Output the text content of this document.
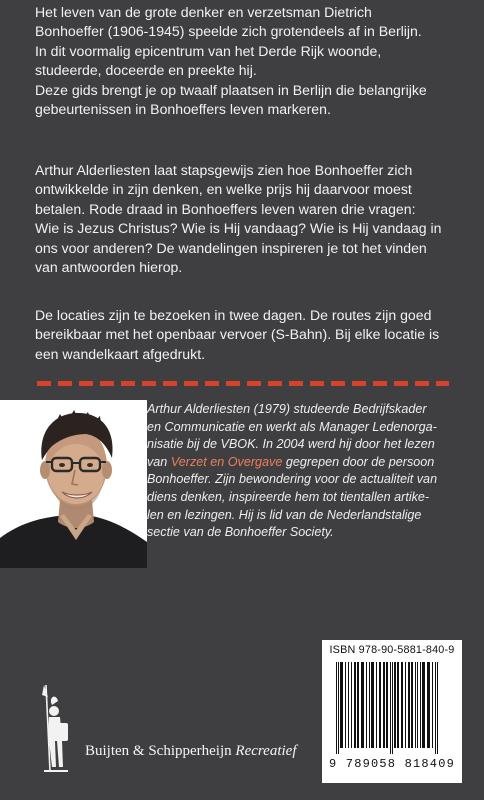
Het leven van de grote denker en verzetsman Dietrich
Bonhoeffer (1906-1945) speelde zich grotendeels af in Berlijn.
In dit voormalig epicentrum van het Derde Rijk woonde,
studeerde, doceerde en preekte hij.
Deze gids brengt je op twaalf plaatsen in Berlijn die belangrijke
gebeurtenissen in Bonhoeffers leven markeren.
Arthur Alderliesten laat stapsgewijs zien hoe Bonhoeffer zich
ontwikkelde in zijn denken, en welke prijs hij daarvoor moest
betalen. Rode draad in Bonhoeffers leven waren drie vragen:
Wie is Jezus Christus? Wie is Hij vandaag? Wie is Hij vandaag in
ons voor anderen? De wandelingen inspireren je tot het vinden
van antwoorden hierop.
De locaties zijn te bezoeken in twee dagen. De routes zijn goed
bereikbaar met het openbaar vervoer (S-Bahn). Bij elke locatie is
een wandelkaart afgedrukt.
Arthur Alderliesten (1979) studeerde Bedrijfskader
en Communicatie en werkt als Manager Ledenorga-
nisatie bij de VBOK. In 2004 werd hij door het lezen
van Verzet en Overgave gegrepen door de persoon
Bonhoeffer. Zijn bewondering voor de actualiteit van
diens denken, inspireerde hem tot tientallen artike-
len en lezingen. Hij is lid van de Nederlandstalige
sectie van de Bonhoeffer Society.
ISBN 978-90-5881-840-9
9 789058 818409
Buijten & Schipperheijn Recreatief
